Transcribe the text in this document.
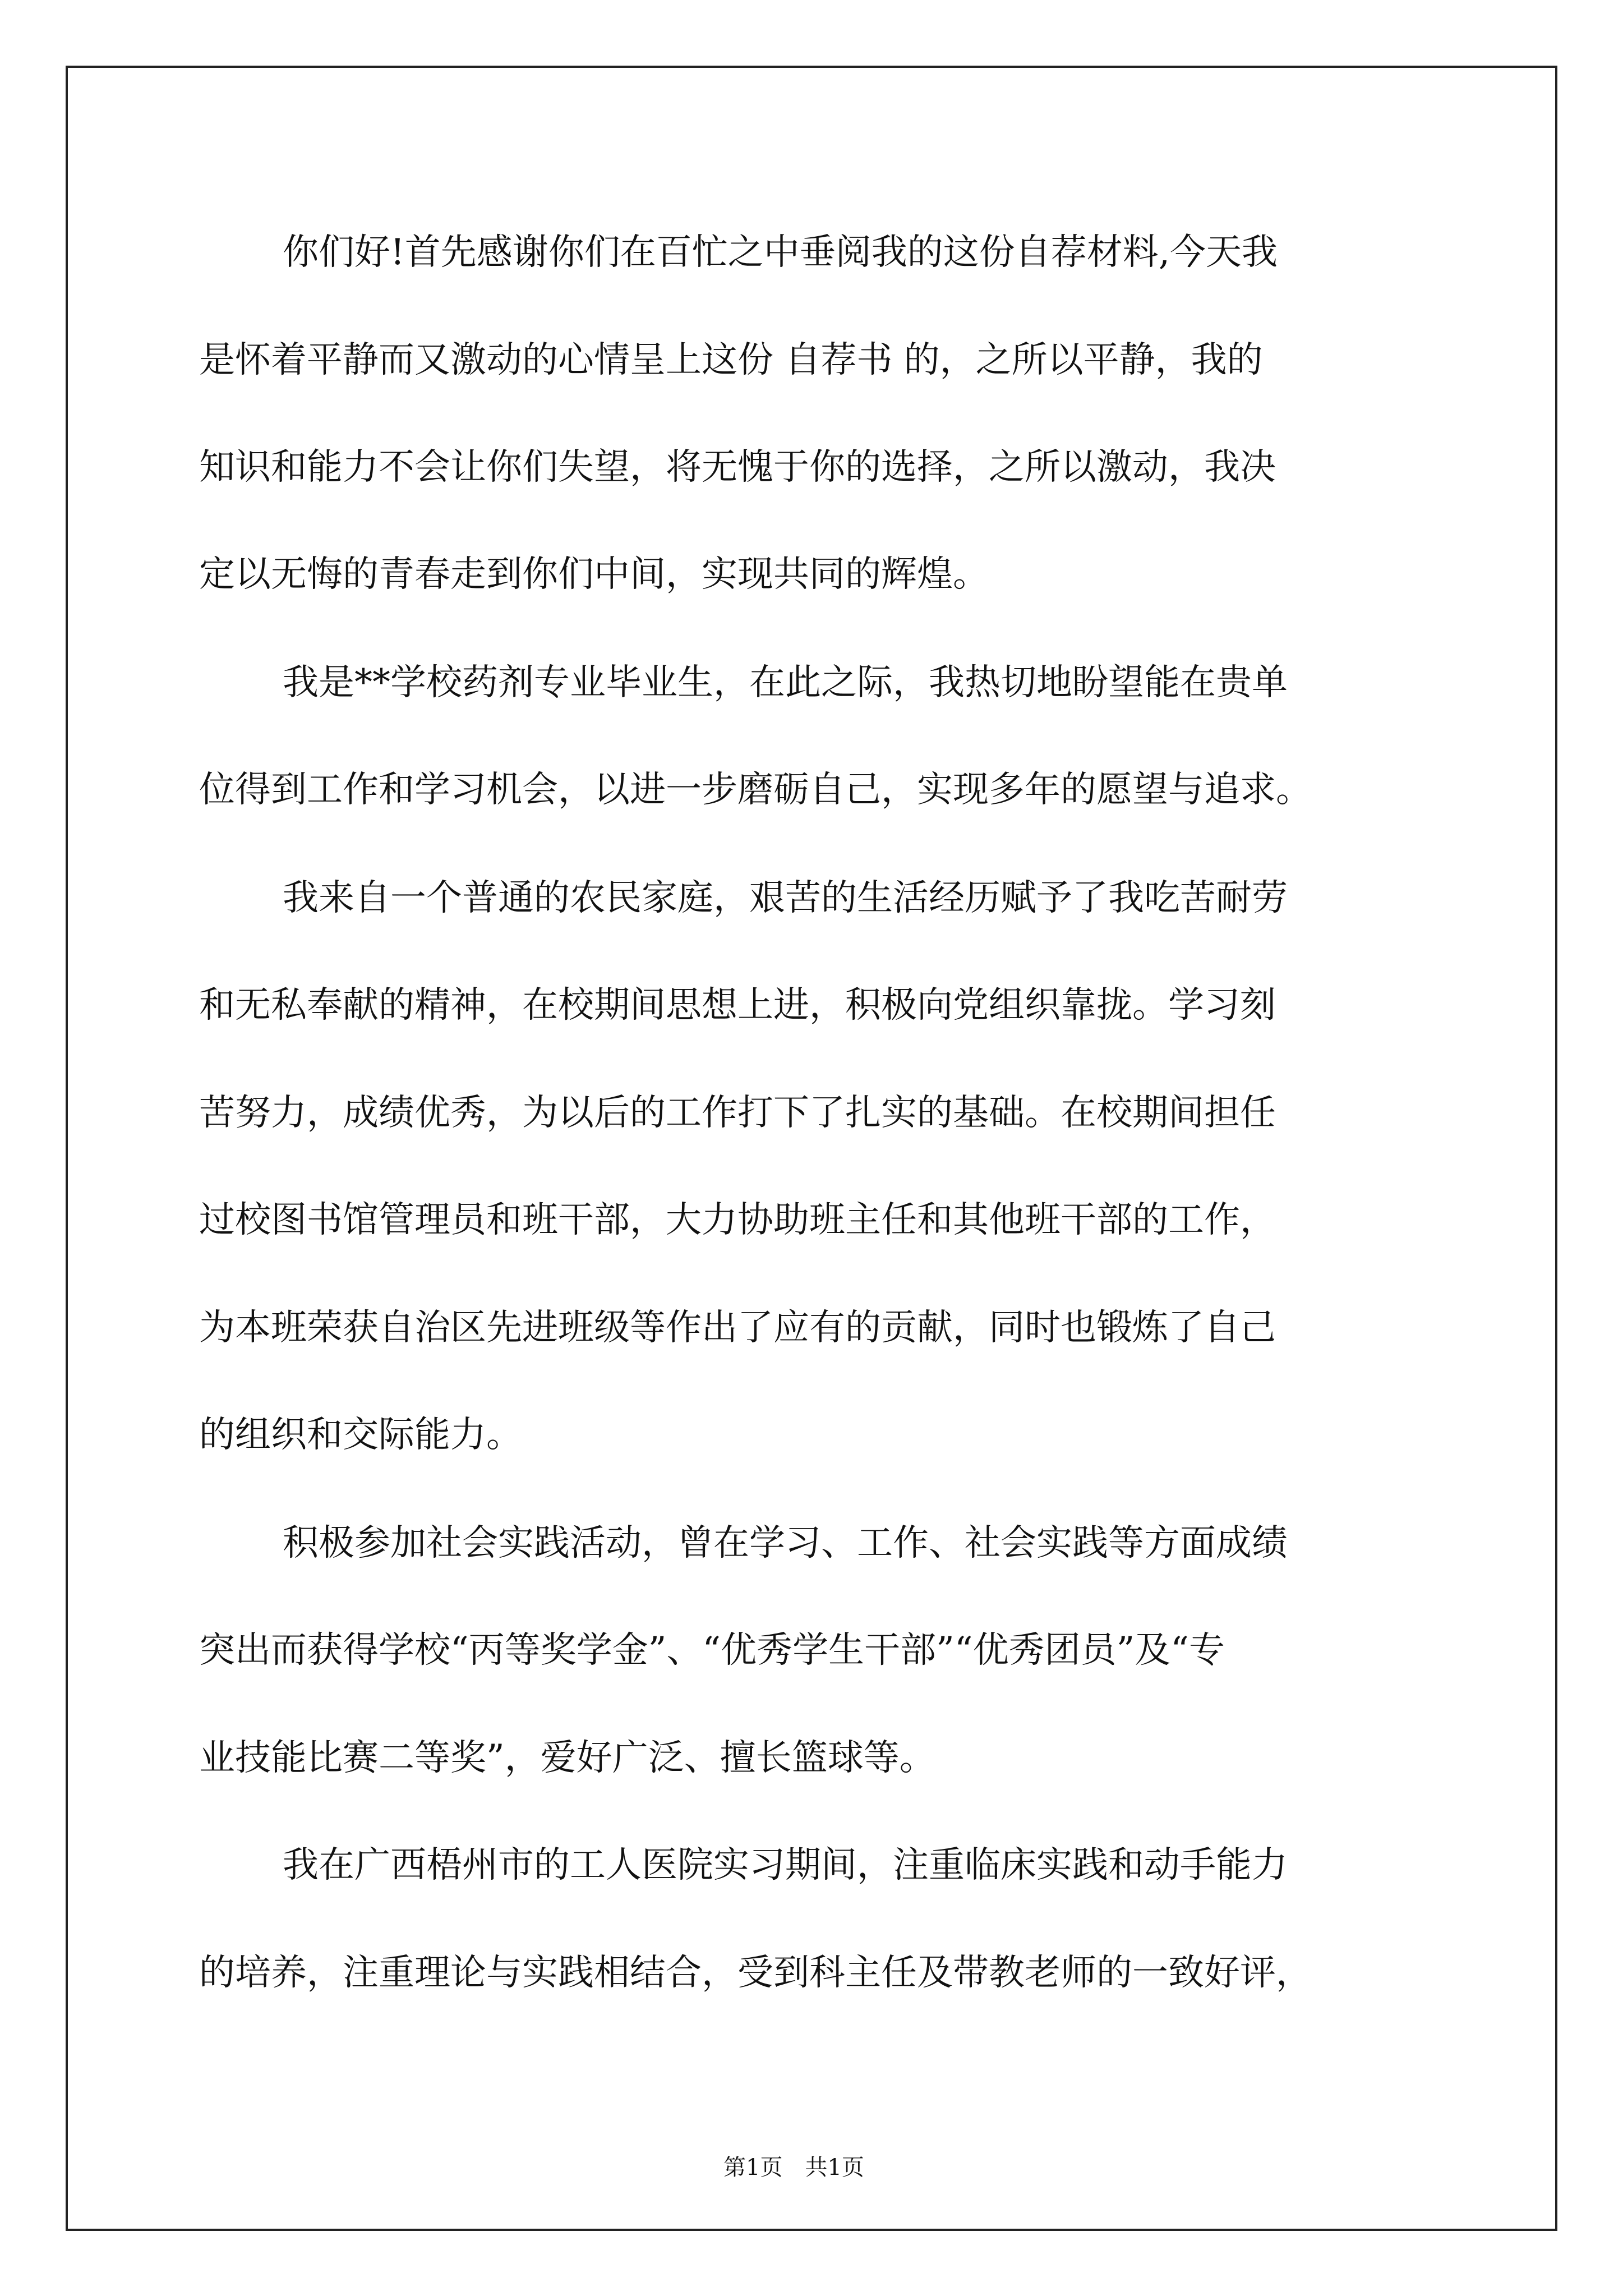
你们好!首先感谢你们在百忙之中垂阅我的这份自荐材料,今天我
是怀着平静而又激动的心情呈上这份 自荐书 的，之所以平静，我的
知识和能力不会让你们失望，将无愧于你的选择，之所以激动，我决
定以无悔的青春走到你们中间，实现共同的辉煌。
我是**学校药剂专业毕业生，在此之际，我热切地盼望能在贵单
位得到工作和学习机会，以进一步磨砺自己，实现多年的愿望与追求。
我来自一个普通的农民家庭，艰苦的生活经历赋予了我吃苦耐劳
和无私奉献的精神，在校期间思想上进，积极向党组织靠拢。学习刻
苦努力，成绩优秀，为以后的工作打下了扎实的基础。在校期间担任
过校图书馆管理员和班干部，大力协助班主任和其他班干部的工作，
为本班荣获自治区先进班级等作出了应有的贡献，同时也锻炼了自己
的组织和交际能力。
积极参加社会实践活动，曾在学习、工作、社会实践等方面成绩
突出而获得学校“丙等奖学金”、“优秀学生干部”“优秀团员”及“专
业技能比赛二等奖”，爱好广泛、擅长篮球等。
我在广西梧州市的工人医院实习期间，注重临床实践和动手能力
的培养，注重理论与实践相结合，受到科主任及带教老师的一致好评，
第1页　共1页
